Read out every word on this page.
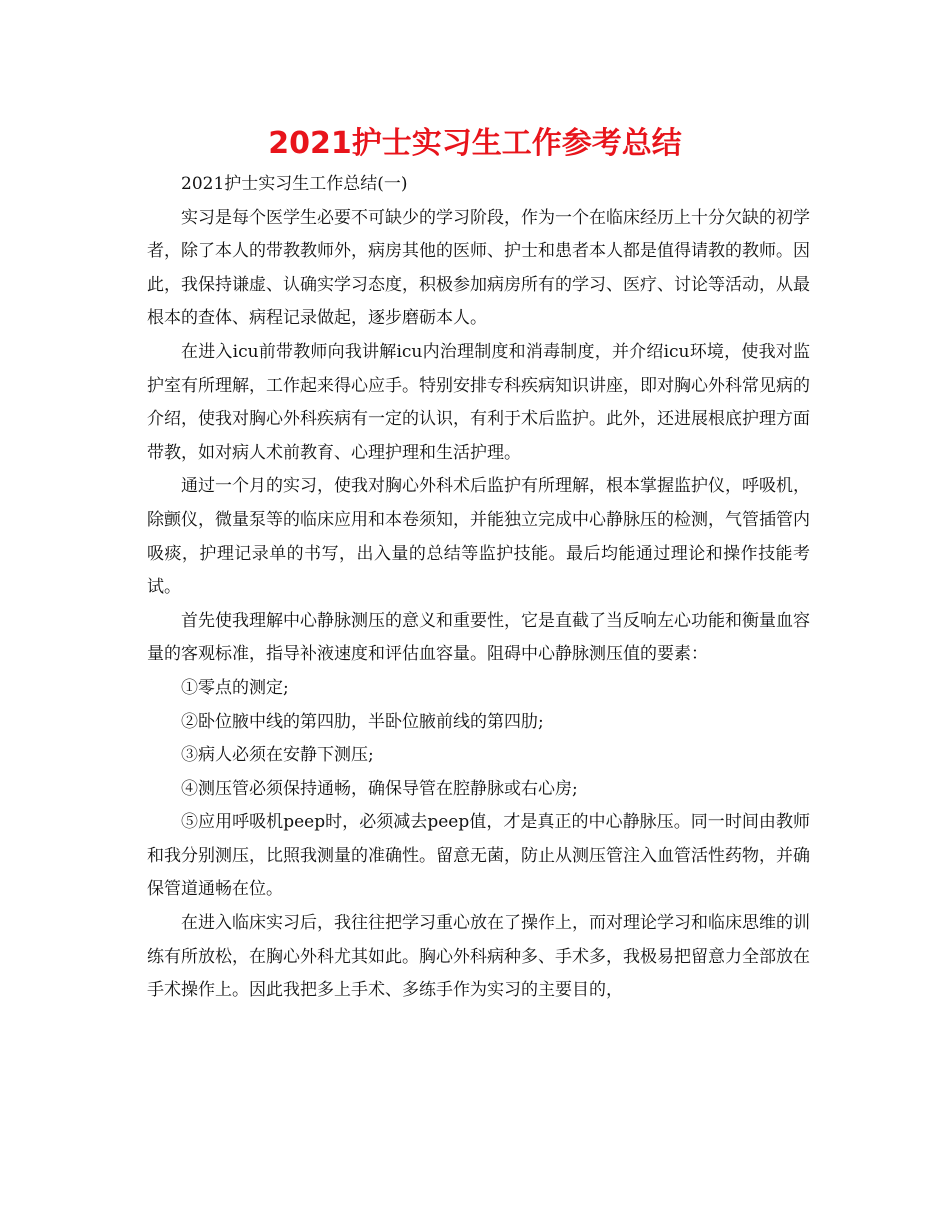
2021护士实习生工作参考总结

2021护士实习生工作总结(一)

实习是每个医学生必要不可缺少的学习阶段，作为一个在临床经历上十分欠缺的初学者，除了本人的带教教师外，病房其他的医师、护士和患者本人都是值得请教的教师。因此，我保持谦虚、认确实学习态度，积极参加病房所有的学习、医疗、讨论等活动，从最根本的查体、病程记录做起，逐步磨砺本人。

在进入icu前带教师向我讲解icu内治理制度和消毒制度，并介绍icu环境，使我对监护室有所理解，工作起来得心应手。特别安排专科疾病知识讲座，即对胸心外科常见病的介绍，使我对胸心外科疾病有一定的认识，有利于术后监护。此外，还进展根底护理方面带教，如对病人术前教育、心理护理和生活护理。

通过一个月的实习，使我对胸心外科术后监护有所理解，根本掌握监护仪，呼吸机，除颤仪，微量泵等的临床应用和本卷须知，并能独立完成中心静脉压的检测，气管插管内吸痰，护理记录单的书写，出入量的总结等监护技能。最后均能通过理论和操作技能考试。

首先使我理解中心静脉测压的意义和重要性，它是直截了当反响左心功能和衡量血容量的客观标准，指导补液速度和评估血容量。阻碍中心静脉测压值的要素：

①零点的测定;

②卧位腋中线的第四肋，半卧位腋前线的第四肋;

③病人必须在安静下测压;

④测压管必须保持通畅，确保导管在腔静脉或右心房;

⑤应用呼吸机peep时，必须减去peep值，才是真正的中心静脉压。同一时间由教师和我分别测压，比照我测量的准确性。留意无菌，防止从测压管注入血管活性药物，并确保管道通畅在位。

在进入临床实习后，我往往把学习重心放在了操作上，而对理论学习和临床思维的训练有所放松，在胸心外科尤其如此。胸心外科病种多、手术多，我极易把留意力全部放在手术操作上。因此我把多上手术、多练手作为实习的主要目的，
